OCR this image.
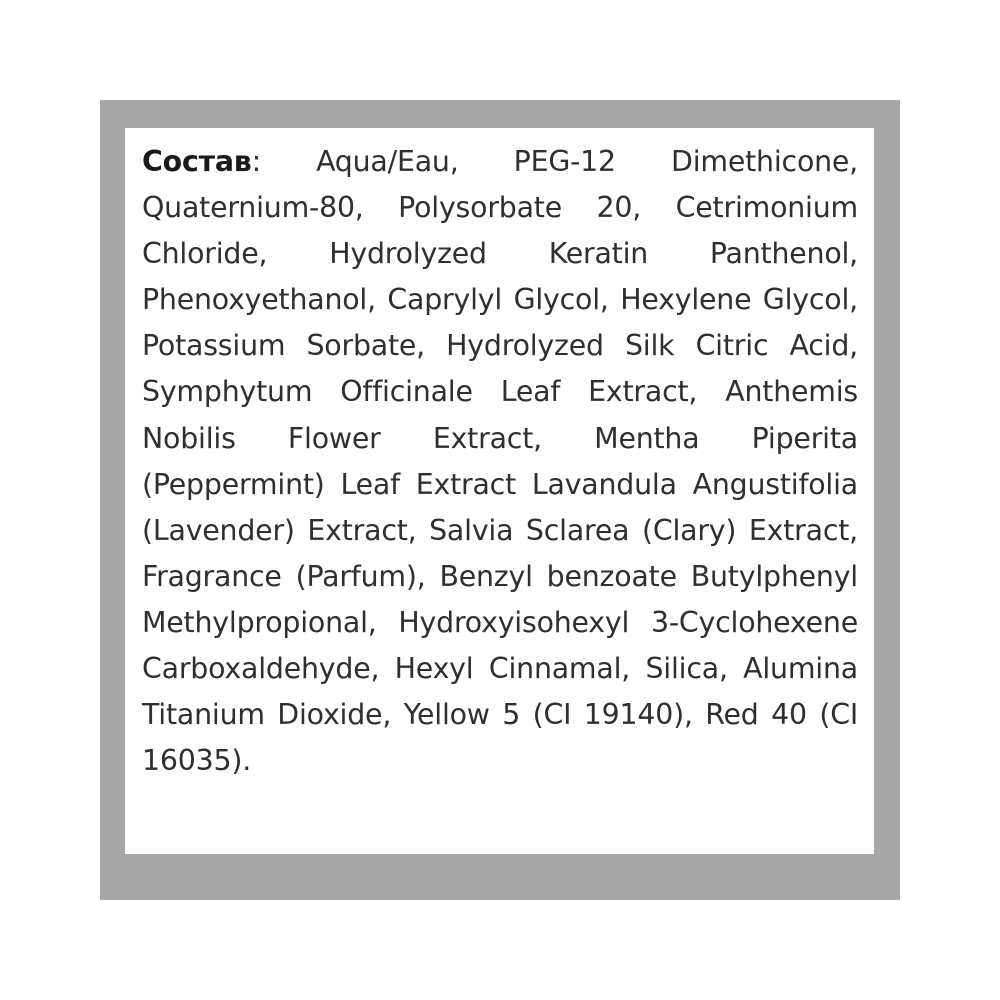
Состав: Aqua/Eau, PEG-12 Dimethicone, Quaternium-80, Polysorbate 20, Cetrimonium Chloride, Hydrolyzed Keratin Panthenol, Phenoxyethanol, Caprylyl Glycol, Hexylene Glycol, Potassium Sorbate, Hydrolyzed Silk Citric Acid, Symphytum Officinale Leaf Extract, Anthemis Nobilis Flower Extract, Mentha Piperita (Peppermint) Leaf Extract Lavandula Angustifolia (Lavender) Extract, Salvia Sclarea (Clary) Extract, Fragrance (Parfum), Benzyl benzoate Butylphenyl Methylpropional, Hydroxyisohexyl 3-Cyclohexene Carboxaldehyde, Hexyl Cinnamal, Silica, Alumina Titanium Dioxide, Yellow 5 (CI 19140), Red 40 (CI 16035).
